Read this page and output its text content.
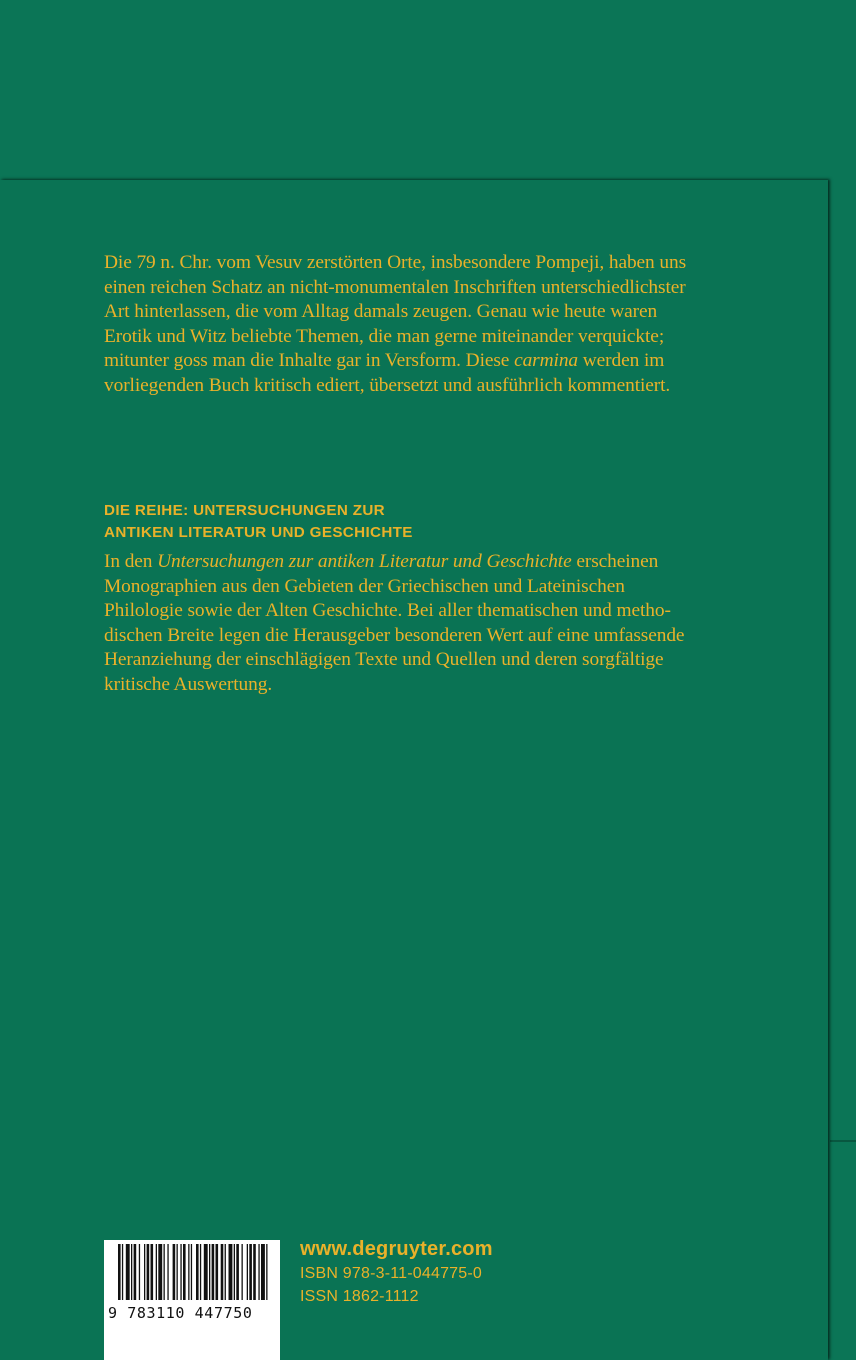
Die 79 n. Chr. vom Vesuv zerstörten Orte, insbesondere Pompeji, haben uns
einen reichen Schatz an nicht-monumentalen Inschriften unterschiedlichster
Art hinterlassen, die vom Alltag damals zeugen. Genau wie heute waren
Erotik und Witz beliebte Themen, die man gerne miteinander verquickte;
mitunter goss man die Inhalte gar in Versform. Diese carmina werden im
vorliegenden Buch kritisch ediert, übersetzt und ausführlich kommentiert.
DIE REIHE: UNTERSUCHUNGEN ZUR
ANTIKEN LITERATUR UND GESCHICHTE
In den Untersuchungen zur antiken Literatur und Geschichte erscheinen
Monographien aus den Gebieten der Griechischen und Lateinischen
Philologie sowie der Alten Geschichte. Bei aller thematischen und metho-
dischen Breite legen die Herausgeber besonderen Wert auf eine umfassende
Heranziehung der einschlägigen Texte und Quellen und deren sorgfältige
kritische Auswertung.
9 783110 447750
www.degruyter.com
ISBN 978-3-11-044775-0
ISSN 1862-1112
